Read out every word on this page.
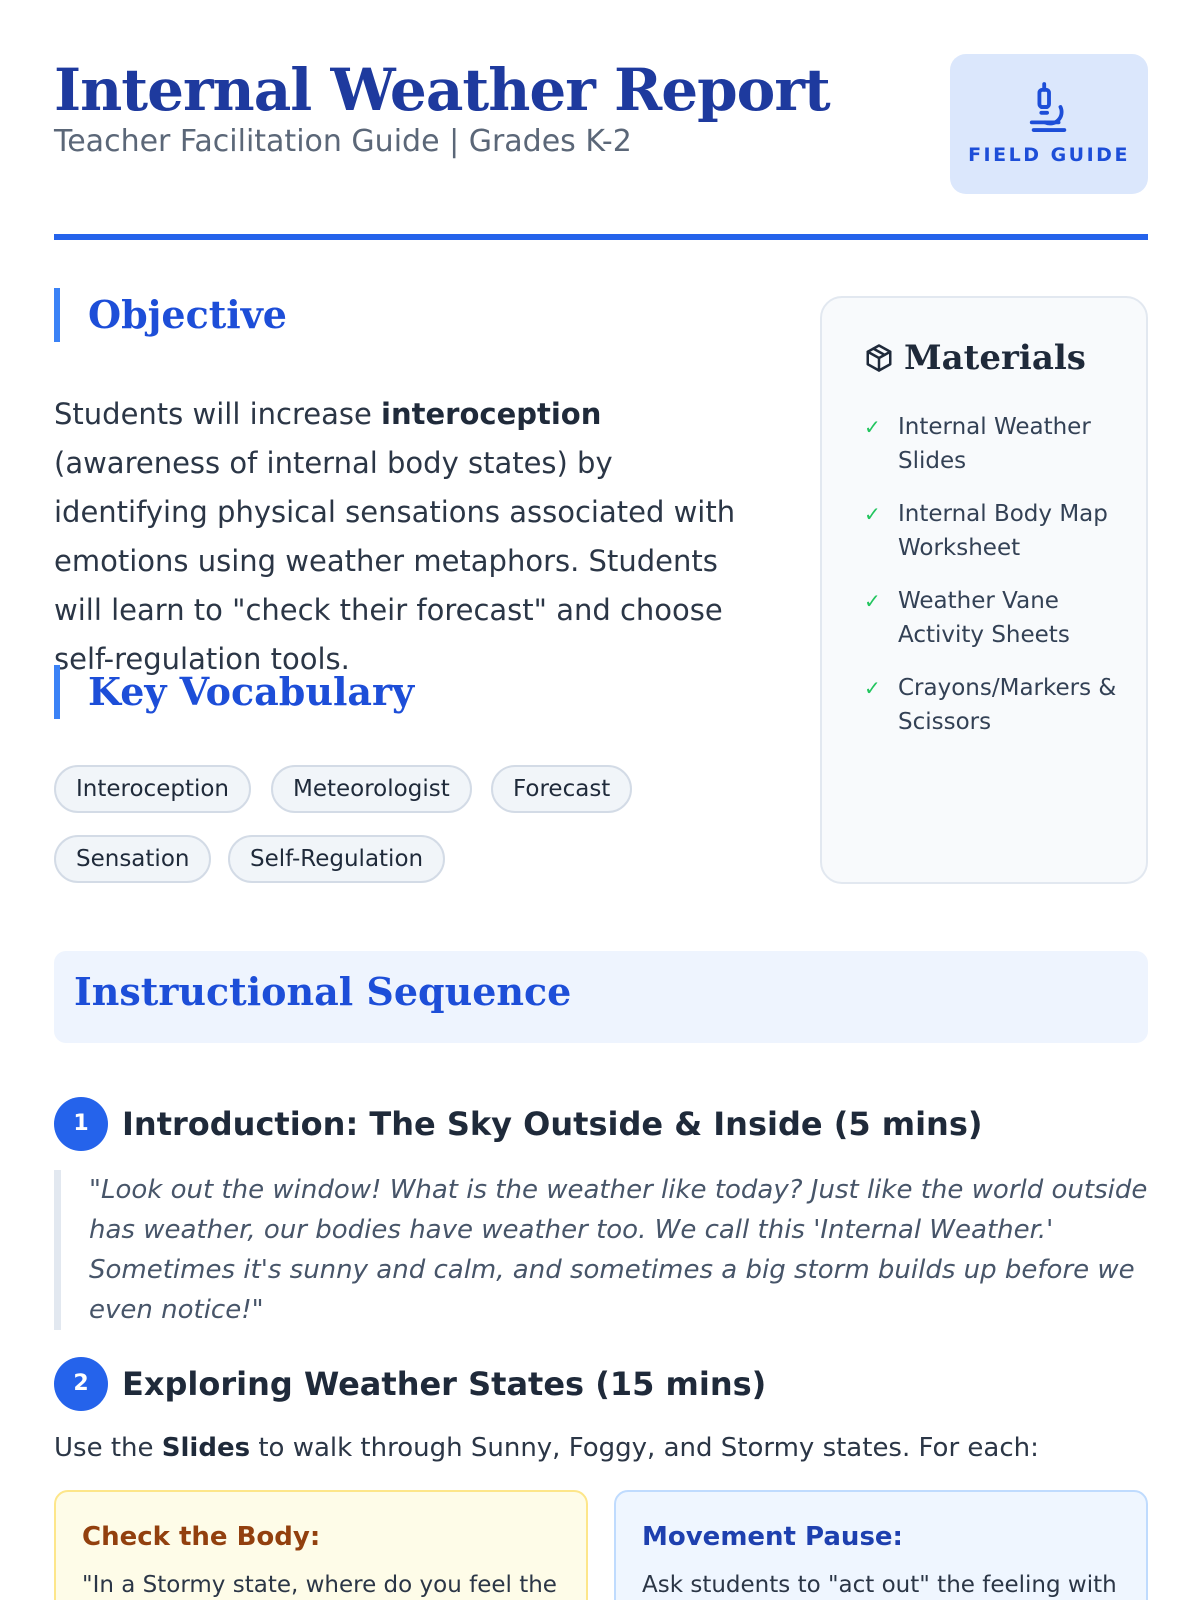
Internal Weather Report
Teacher Facilitation Guide | Grades K-2	FIELD GUIDE
Objective
Students will increase interoception (awareness of internal body states) by identifying physical sensations associated with emotions using weather metaphors. Students will learn to "check their forecast" and choose self-regulation tools.
Key Vocabulary
Interoception	Meteorologist	Forecast
Sensation	Self-Regulation
Materials
✓ Internal Weather Slides
✓ Internal Body Map Worksheet
✓ Weather Vane Activity Sheets
✓ Crayons/Markers & Scissors
Instructional Sequence
1	Introduction: The Sky Outside & Inside (5 mins)
"Look out the window! What is the weather like today? Just like the world outside has weather, our bodies have weather too. We call this 'Internal Weather.' Sometimes it's sunny and calm, and sometimes a big storm builds up before we even notice!"
2	Exploring Weather States (15 mins)
Use the Slides to walk through Sunny, Foggy, and Stormy states. For each:
Check the Body:
"In a Stormy state, where do you feel the
Movement Pause:
Ask students to "act out" the feeling with
